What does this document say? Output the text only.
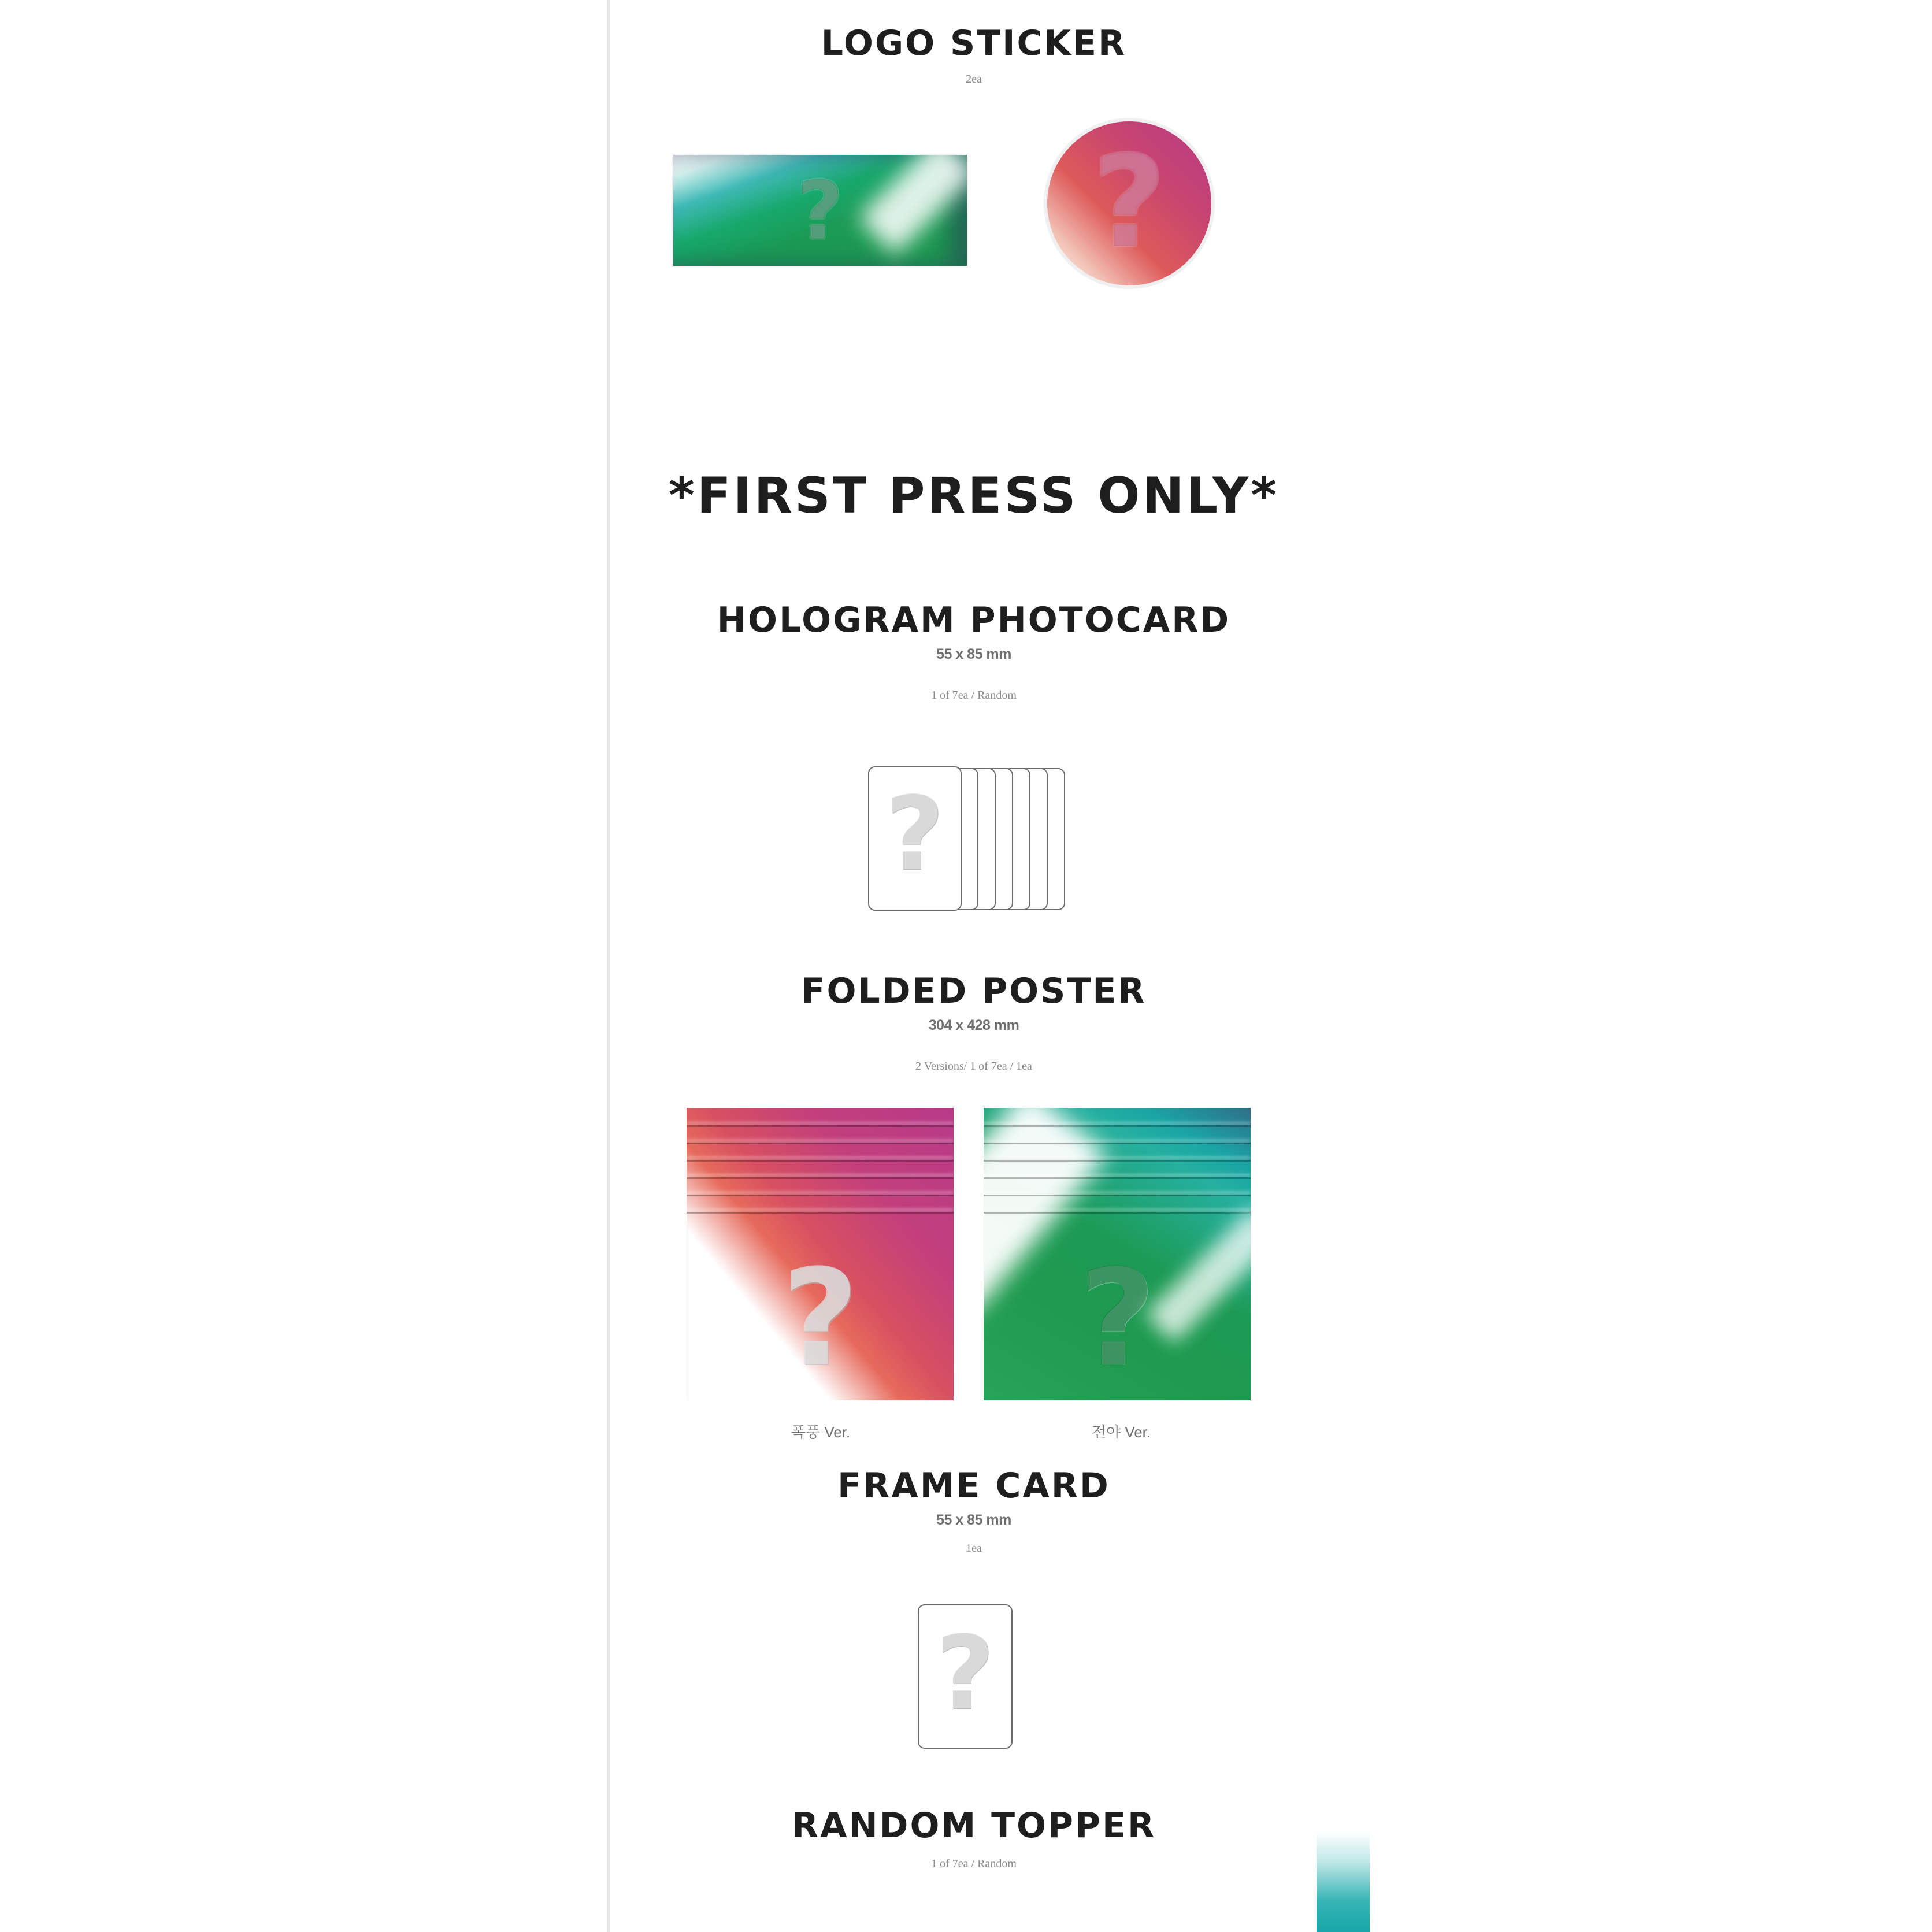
LOGO STICKER
2ea
? ?
*FIRST PRESS ONLY*
HOLOGRAM PHOTOCARD
55 x 85 mm
1 of 7ea / Random
?
FOLDED POSTER
304 x 428 mm
2 Versions/ 1 of 7ea / 1ea
? ?
폭풍 Ver.	전야 Ver.
FRAME CARD
55 x 85 mm
1ea
?
RANDOM TOPPER
1 of 7ea / Random
